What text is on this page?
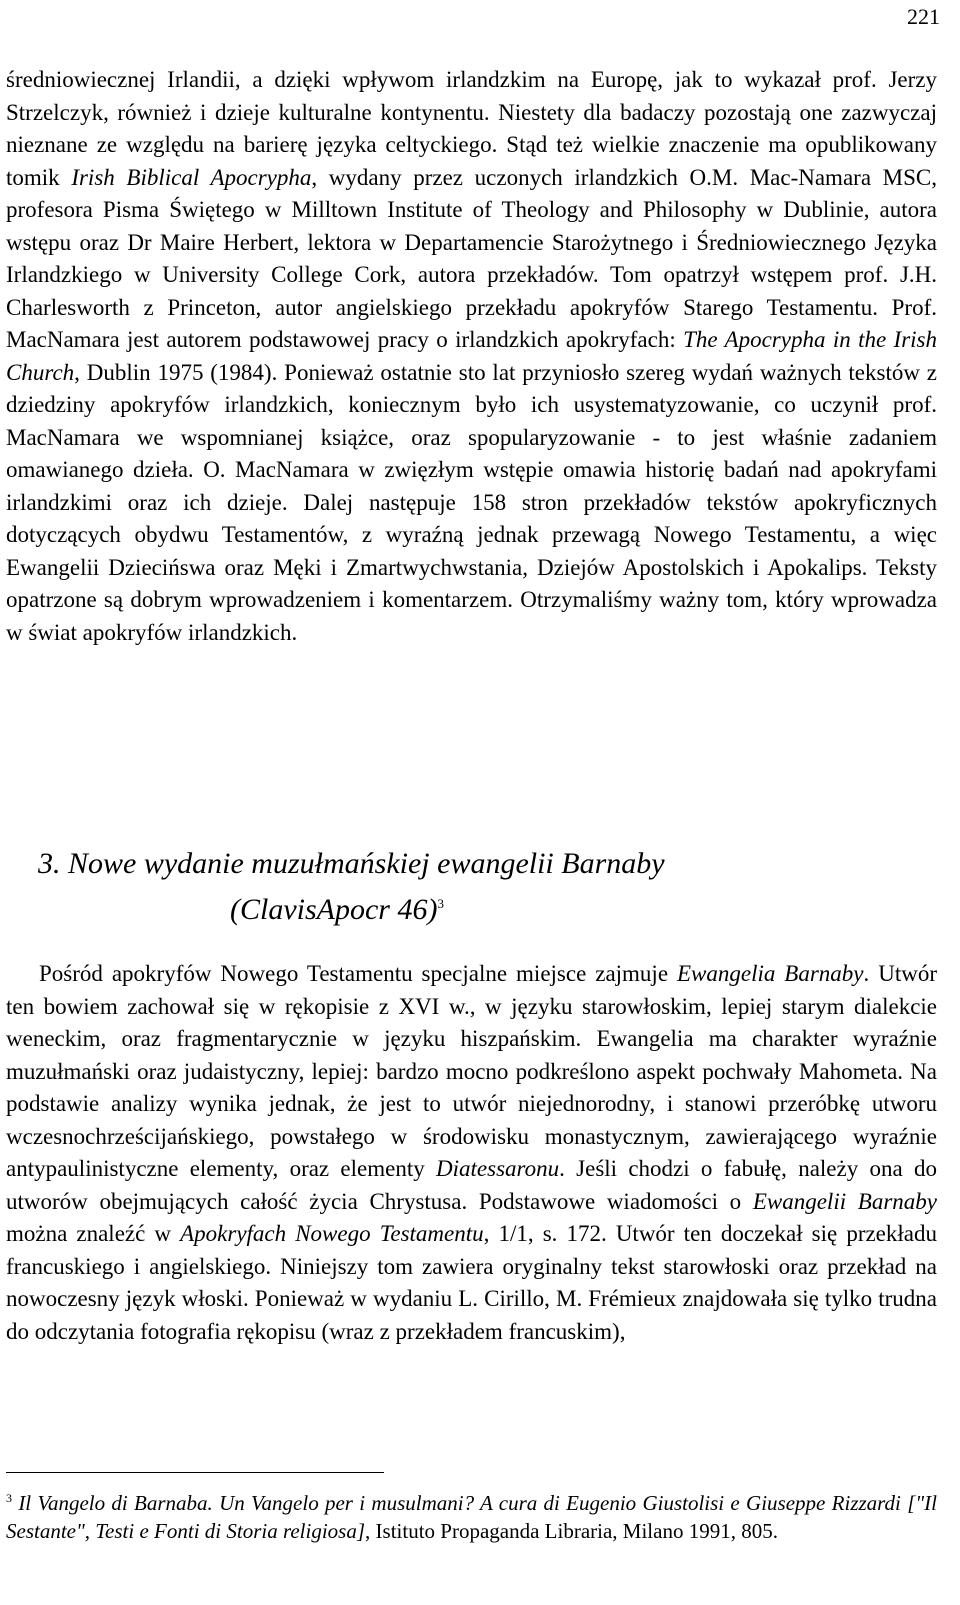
221

średniowiecznej Irlandii, a dzięki wpływom irlandzkim na Europę, jak to wykazał prof. Jerzy Strzelczyk, również i dzieje kulturalne kontynentu. Niestety dla badaczy pozostają one zazwyczaj nieznane ze względu na barierę języka celtyckiego. Stąd też wielkie znaczenie ma opublikowany tomik Irish Biblical Apocrypha, wydany przez uczonych irlandzkich O.M. Mac-Namara MSC, profesora Pisma Świętego w Milltown Institute of Theology and Philosophy w Dublinie, autora wstępu oraz Dr Maire Herbert, lektora w Departamencie Starożytnego i Średniowiecznego Języka Irlandzkiego w University College Cork, autora przekładów. Tom opatrzył wstępem prof. J.H. Charlesworth z Princeton, autor angielskiego przekładu apokryfów Starego Testamentu. Prof. MacNamara jest autorem podstawowej pracy o irlandzkich apokryfach: The Apocrypha in the Irish Church, Dublin 1975 (1984). Ponieważ ostatnie sto lat przyniosło szereg wydań ważnych tekstów z dziedziny apokryfów irlandzkich, koniecznym było ich usystematyzowanie, co uczynił prof. MacNamara we wspomnianej książce, oraz spopularyzowanie - to jest właśnie zadaniem omawianego dzieła. O. MacNamara w zwięzłym wstępie omawia historię badań nad apokryfami irlandzkimi oraz ich dzieje. Dalej następuje 158 stron przekładów tekstów apokryficznych dotyczących obydwu Testamentów, z wyraźną jednak przewagą Nowego Testamentu, a więc Ewangelii Dziecińswa oraz Męki i Zmartwychwstania, Dziejów Apostolskich i Apokalips. Teksty opatrzone są dobrym wprowadzeniem i komentarzem. Otrzymaliśmy ważny tom, który wprowadza w świat apokryfów irlandzkich.

3. Nowe wydanie muzułmańskiej ewangelii Barnaby
(ClavisApocr 46)$^3$

Pośród apokryfów Nowego Testamentu specjalne miejsce zajmuje Ewangelia Barnaby. Utwór ten bowiem zachował się w rękopisie z XVI w., w języku starowłoskim, lepiej starym dialekcie weneckim, oraz fragmentarycznie w języku hiszpańskim. Ewangelia ma charakter wyraźnie muzułmański oraz judaistyczny, lepiej: bardzo mocno podkreślono aspekt pochwały Mahometa. Na podstawie analizy wynika jednak, że jest to utwór niejednorodny, i stanowi przeróbkę utworu wczesnochrześcijańskiego, powstałego w środowisku monastycznym, zawierającego wyraźnie antypaulinistyczne elementy, oraz elementy Diatessaronu. Jeśli chodzi o fabułę, należy ona do utworów obejmujących całość życia Chrystusa. Podstawowe wiadomości o Ewangelii Barnaby można znaleźć w Apokryfach Nowego Testamentu, 1/1, s. 172. Utwór ten doczekał się przekładu francuskiego i angielskiego. Niniejszy tom zawiera oryginalny tekst starowłoski oraz przekład na nowoczesny język włoski. Ponieważ w wydaniu L. Cirillo, M. Frémieux znajdowała się tylko trudna do odczytania fotografia rękopisu (wraz z przekładem francuskim),

$^3$ Il Vangelo di Barnaba. Un Vangelo per i musulmani? A cura di Eugenio Giustolisi e Giuseppe Rizzardi ["Il Sestante", Testi e Fonti di Storia religiosa], Istituto Propaganda Libraria, Milano 1991, 805.
